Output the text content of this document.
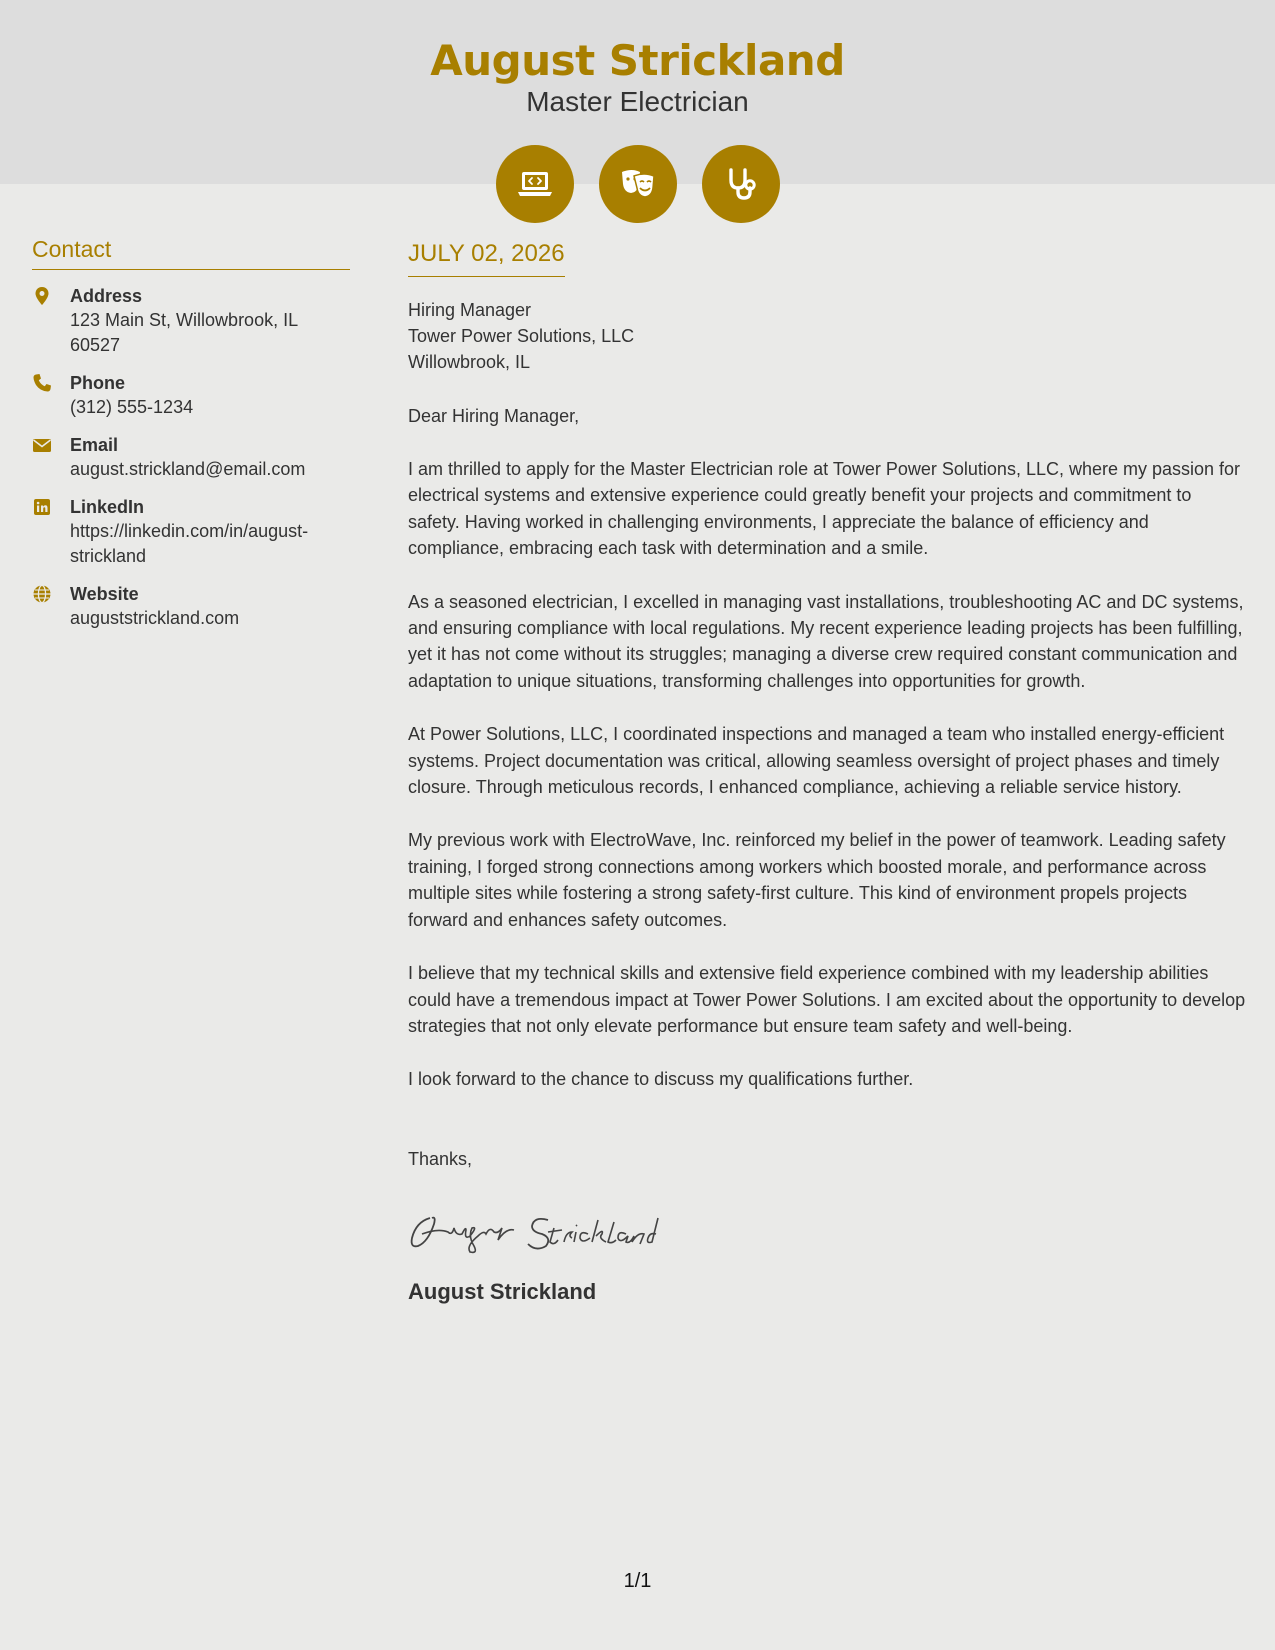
August Strickland
Master Electrician
Contact
Address
123 Main St, Willowbrook, IL 60527
Phone
(312) 555-1234
Email
august.strickland@email.com
LinkedIn
https://linkedin.com/in/august-strickland
Website
auguststrickland.com
JULY 02, 2026
Hiring Manager
Tower Power Solutions, LLC
Willowbrook, IL
Dear Hiring Manager,

I am thrilled to apply for the Master Electrician role at Tower Power Solutions, LLC, where my passion for electrical systems and extensive experience could greatly benefit your projects and commitment to safety. Having worked in challenging environments, I appreciate the balance of efficiency and compliance, embracing each task with determination and a smile.

As a seasoned electrician, I excelled in managing vast installations, troubleshooting AC and DC systems, and ensuring compliance with local regulations. My recent experience leading projects has been fulfilling, yet it has not come without its struggles; managing a diverse crew required constant communication and adaptation to unique situations, transforming challenges into opportunities for growth.

At Power Solutions, LLC, I coordinated inspections and managed a team who installed energy-efficient systems. Project documentation was critical, allowing seamless oversight of project phases and timely closure. Through meticulous records, I enhanced compliance, achieving a reliable service history.

My previous work with ElectroWave, Inc. reinforced my belief in the power of teamwork. Leading safety training, I forged strong connections among workers which boosted morale, and performance across multiple sites while fostering a strong safety-first culture. This kind of environment propels projects forward and enhances safety outcomes.

I believe that my technical skills and extensive field experience combined with my leadership abilities could have a tremendous impact at Tower Power Solutions. I am excited about the opportunity to develop strategies that not only elevate performance but ensure team safety and well-being.

I look forward to the chance to discuss my qualifications further.

Thanks,
August Strickland
1/1
